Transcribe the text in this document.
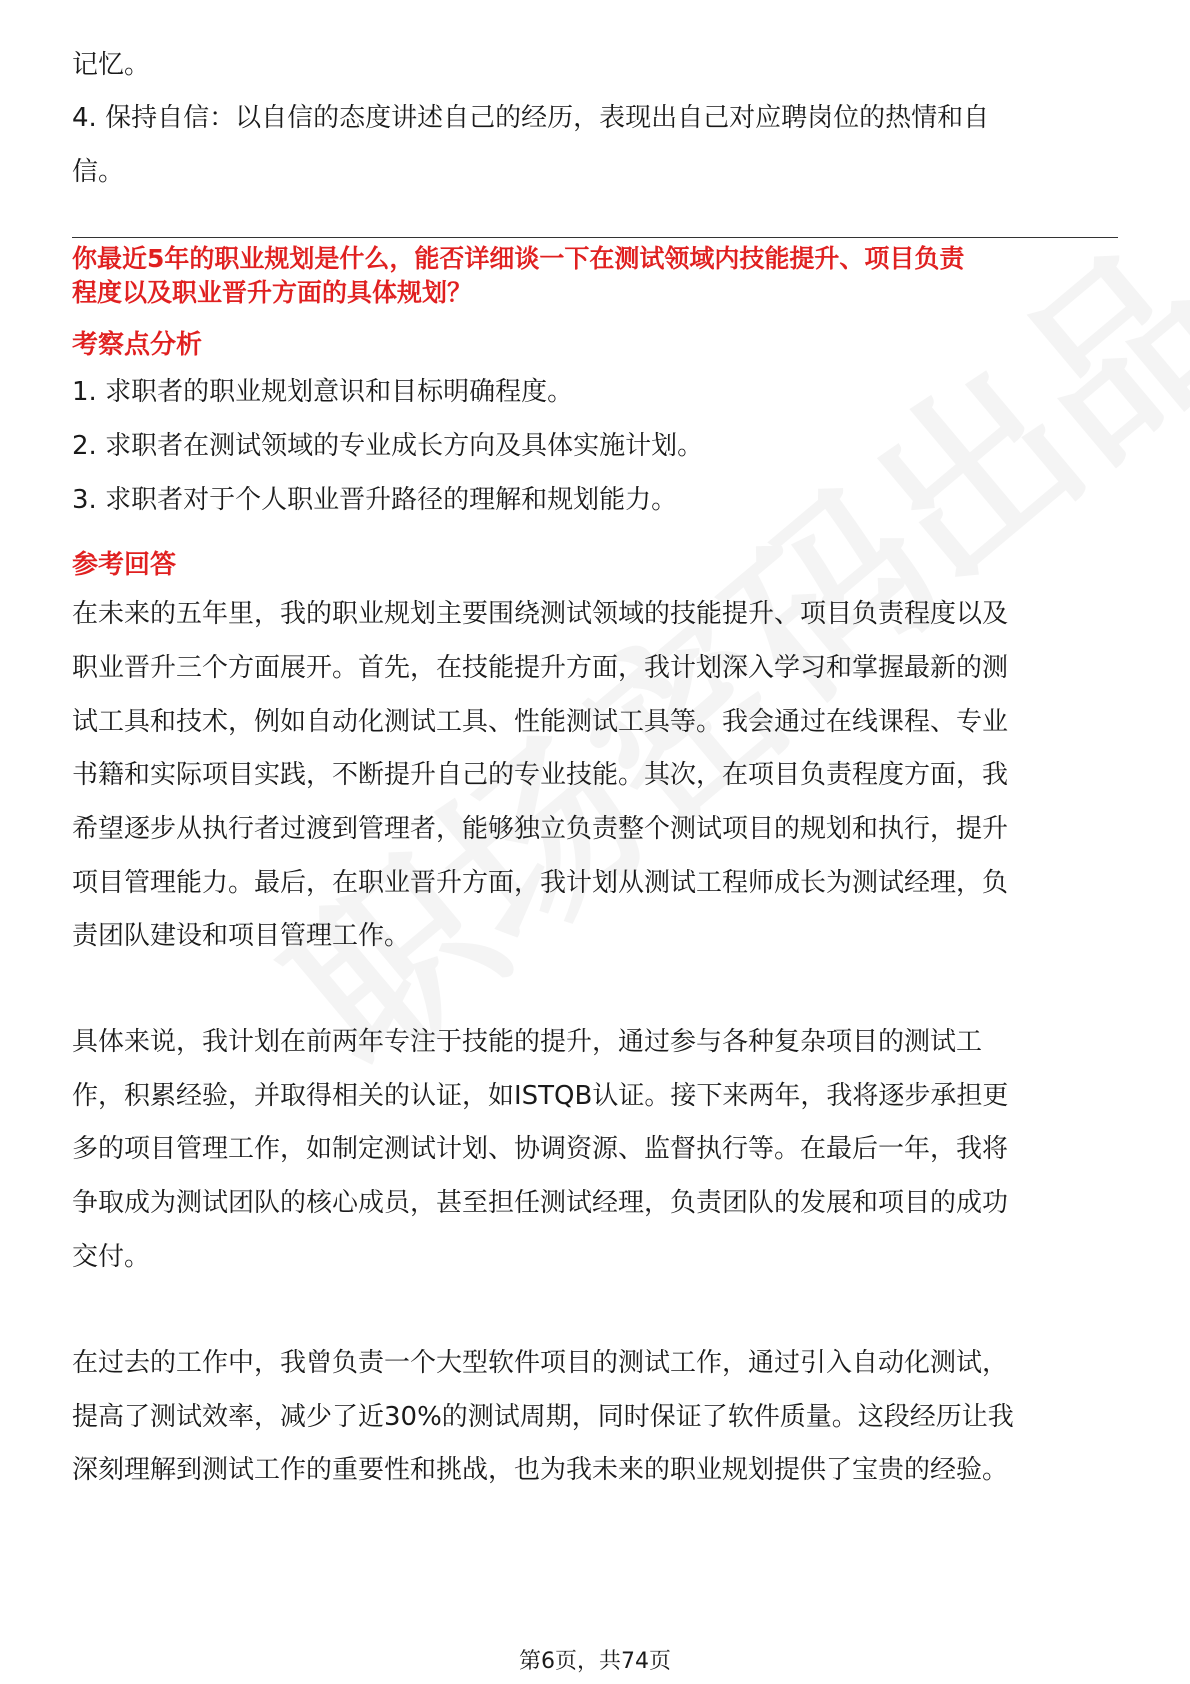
记忆。
4. 保持自信：以自信的态度讲述自己的经历，表现出自己对应聘岗位的热情和自
信。
你最近5年的职业规划是什么，能否详细谈一下在测试领域内技能提升、项目负责
程度以及职业晋升方面的具体规划？
考察点分析
1. 求职者的职业规划意识和目标明确程度。
2. 求职者在测试领域的专业成长方向及具体实施计划。
3. 求职者对于个人职业晋升路径的理解和规划能力。
参考回答
在未来的五年里，我的职业规划主要围绕测试领域的技能提升、项目负责程度以及
职业晋升三个方面展开。首先，在技能提升方面，我计划深入学习和掌握最新的测
试工具和技术，例如自动化测试工具、性能测试工具等。我会通过在线课程、专业
书籍和实际项目实践，不断提升自己的专业技能。其次，在项目负责程度方面，我
希望逐步从执行者过渡到管理者，能够独立负责整个测试项目的规划和执行，提升
项目管理能力。最后，在职业晋升方面，我计划从测试工程师成长为测试经理，负
责团队建设和项目管理工作。
具体来说，我计划在前两年专注于技能的提升，通过参与各种复杂项目的测试工
作，积累经验，并取得相关的认证，如ISTQB认证。接下来两年，我将逐步承担更
多的项目管理工作，如制定测试计划、协调资源、监督执行等。在最后一年，我将
争取成为测试团队的核心成员，甚至担任测试经理，负责团队的发展和项目的成功
交付。
在过去的工作中，我曾负责一个大型软件项目的测试工作，通过引入自动化测试，
提高了测试效率，减少了近30%的测试周期，同时保证了软件质量。这段经历让我
深刻理解到测试工作的重要性和挑战，也为我未来的职业规划提供了宝贵的经验。
第6页，共74页
